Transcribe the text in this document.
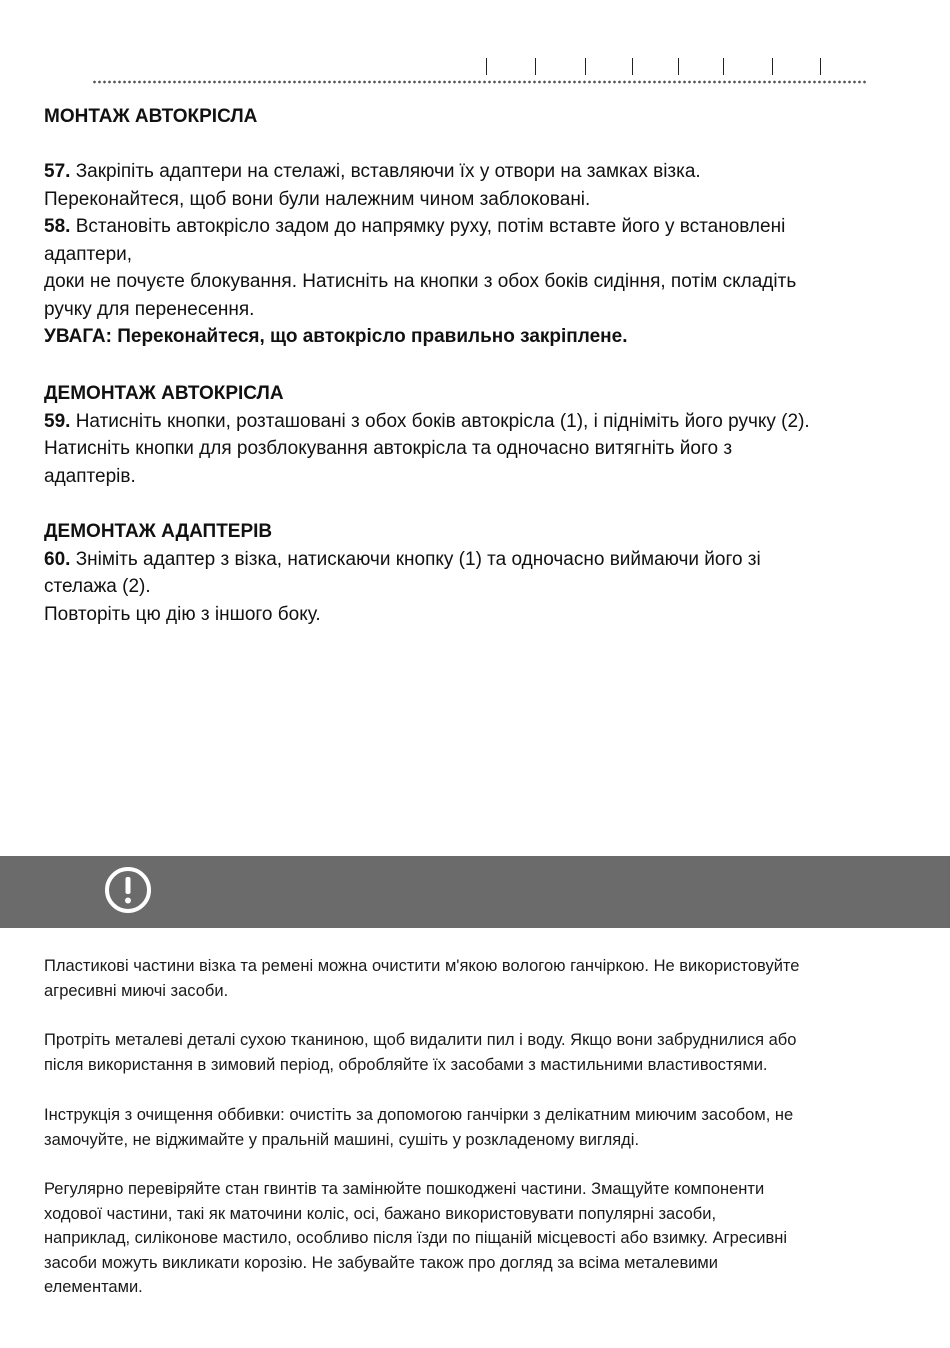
МОНТАЖ АВТОКРІСЛА
57. Закріпіть адаптери на стелажі, вставляючи їх у отвори на замках візка.
Переконайтеся, щоб вони були належним чином заблоковані.
58. Встановіть автокрісло задом до напрямку руху, потім вставте його у встановлені
адаптери,
доки не почуєте блокування. Натисніть на кнопки з обох боків сидіння, потім складіть
ручку для перенесення.
УВАГА: Переконайтеся, що автокрісло правильно закріплене.
ДЕМОНТАЖ АВТОКРІСЛА
59. Натисніть кнопки, розташовані з обох боків автокрісла (1), і підніміть його ручку (2).
Натисніть кнопки для розблокування автокрісла та одночасно витягніть його з
адаптерів.
ДЕМОНТАЖ АДАПТЕРІВ
60. Зніміть адаптер з візка, натискаючи кнопку (1) та одночасно виймаючи його зі
стелажа (2).
Повторіть цю дію з іншого боку.
Пластикові частини візка та ремені можна очистити м'якою вологою ганчіркою. Не використовуйте
агресивні миючі засоби.
Протріть металеві деталі сухою тканиною, щоб видалити пил і воду. Якщо вони забруднилися або
після використання в зимовий період, обробляйте їх засобами з мастильними властивостями.
Інструкція з очищення оббивки: очистіть за допомогою ганчірки з делікатним миючим засобом, не
замочуйте, не віджимайте у пральній машині, сушіть у розкладеному вигляді.
Регулярно перевіряйте стан гвинтів та замінюйте пошкоджені частини. Змащуйте компоненти
ходової частини, такі як маточини коліс, осі, бажано використовувати популярні засоби,
наприклад, силіконове мастило, особливо після їзди по піщаній місцевості або взимку. Агресивні
засоби можуть викликати корозію. Не забувайте також про догляд за всіма металевими
елементами.
